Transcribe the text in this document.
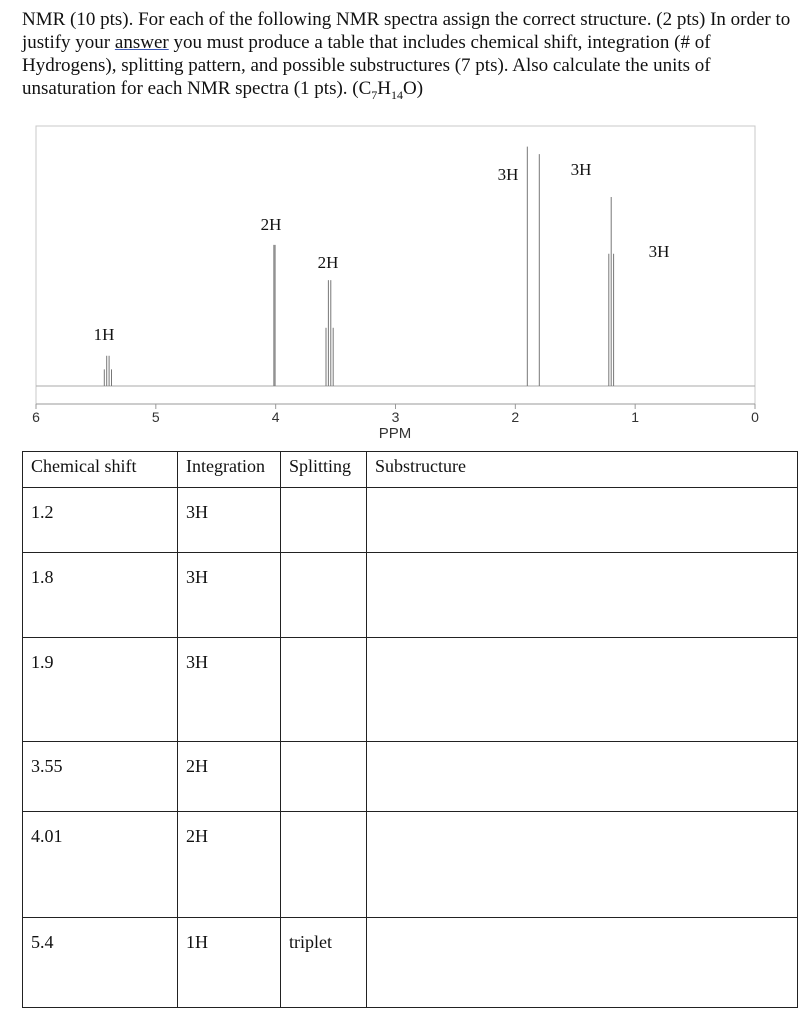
NMR (10 pts). For each of the following NMR spectra assign the correct structure. (2 pts) In order to justify your answer you must produce a table that includes chemical shift, integration (# of Hydrogens), splitting pattern, and possible substructures (7 pts). Also calculate the units of unsaturation for each NMR spectra (1 pts). $(C_7H_{14}O)$

6	5	4	3	2	1	0
1H
2H
2H
3H	3H
3H
PPM
Chemical shift	Integration	Splitting	Substructure
1.2	3H		
1.8	3H		
1.9	3H		
3.55	2H		
4.01	2H		
5.4	1H	triplet	
